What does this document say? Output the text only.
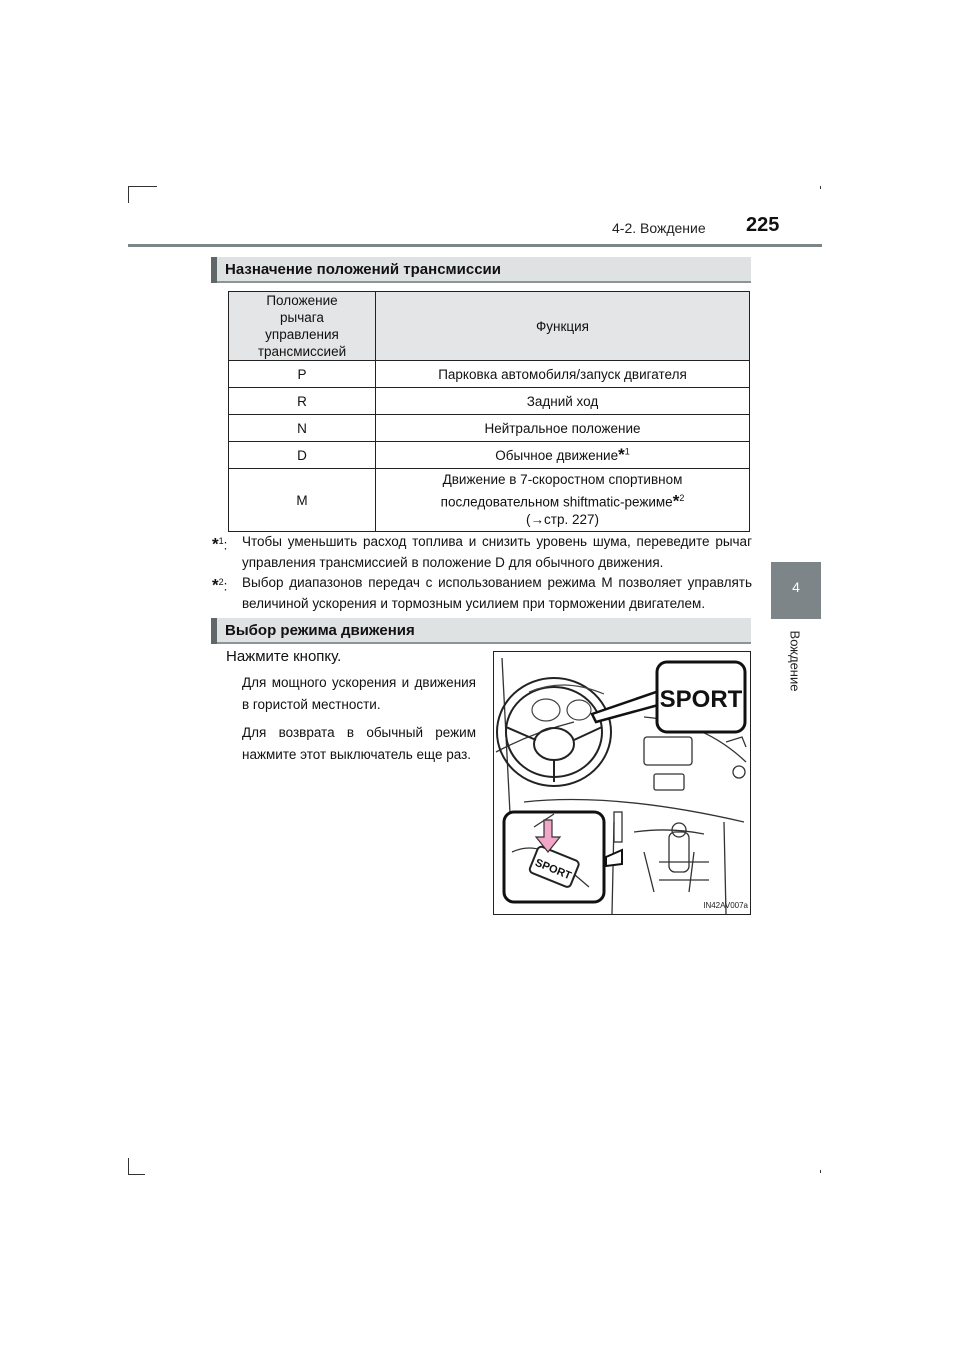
4-2. Вождение 225
4
Вождение
Назначение положений трансмиссии
Положение рычага управления трансмиссией	Функция
P	Парковка автомобиля/запуск двигателя
R	Задний ход
N	Нейтральное положение
D	Обычное движение*$^1$
M	Движение в 7-скоростном спортивном
последовательном shiftmatic-режиме*$^2$
(→стр. 227)
*$^1$: Чтобы уменьшить расход топлива и снизить уровень шума, переведите рычаг управления трансмиссией в положение D для обычного движения.
*$^2$: Выбор диапазонов передач с использованием режима M позволяет управлять величиной ускорения и тормозным усилием при торможении двигателем.
Выбор режима движения
Нажмите кнопку.

Для мощного ускорения и движения в гористой местности.

Для возврата в обычный режим нажмите этот выключатель еще раз.

SPORT
SPORT
IN42AV007a
